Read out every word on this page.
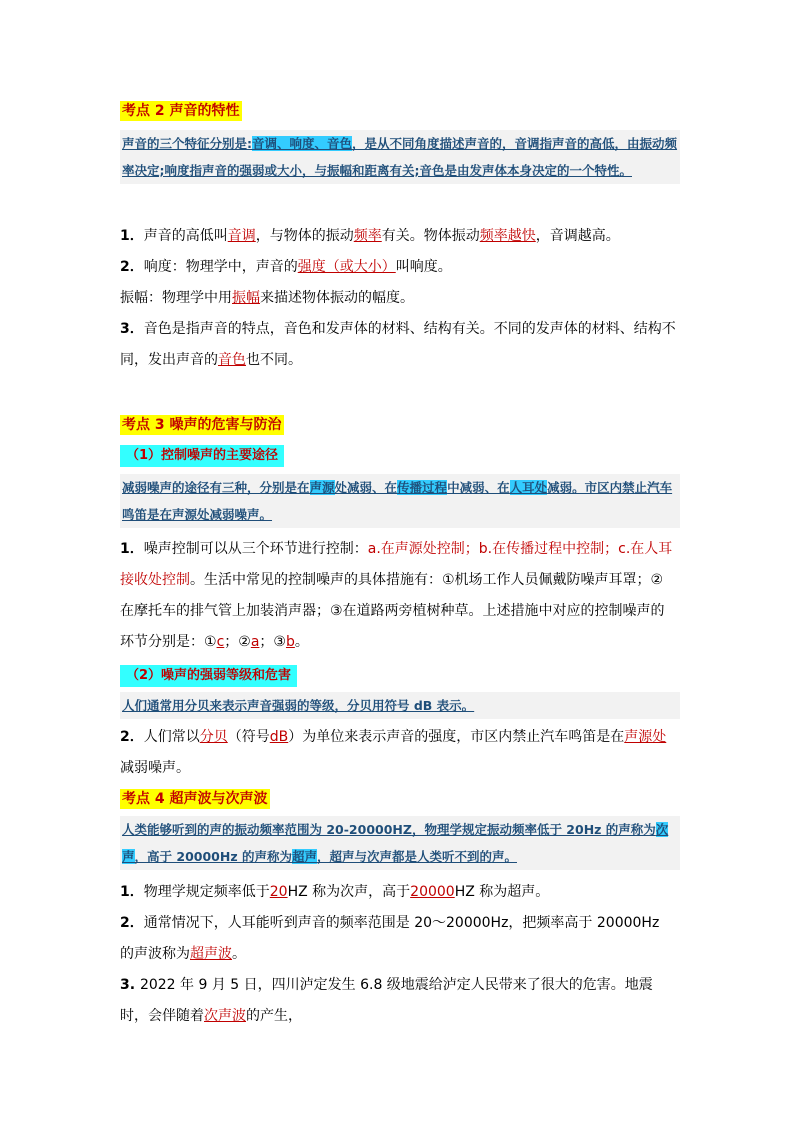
考点 2 声音的特性
声音的三个特征分别是:音调、响度、音色，是从不同角度描述声音的，音调指声音的高低，由振动频率决定;响度指声音的强弱或大小，与振幅和距离有关;音色是由发声体本身决定的一个特性。
1．声音的高低叫音调，与物体的振动频率有关。物体振动频率越快，音调越高。
2．响度：物理学中，声音的强度（或大小）叫响度。
振幅：物理学中用振幅来描述物体振动的幅度。
3．音色是指声音的特点，音色和发声体的材料、结构有关。不同的发声体的材料、结构不同，发出声音的音色也不同。
考点 3 噪声的危害与防治
（1）控制噪声的主要途径
减弱噪声的途径有三种，分别是在声源处减弱、在传播过程中减弱、在人耳处减弱。市区内禁止汽车鸣笛是在声源处减弱噪声。
1．噪声控制可以从三个环节进行控制：a.在声源处控制；b.在传播过程中控制；c.在人耳接收处控制。生活中常见的控制噪声的具体措施有：①机场工作人员佩戴防噪声耳罩；②在摩托车的排气管上加装消声器；③在道路两旁植树种草。上述措施中对应的控制噪声的环节分别是：①c；②a；③b。
（2）噪声的强弱等级和危害
人们通常用分贝来表示声音强弱的等级，分贝用符号 dB 表示。
2．人们常以分贝（符号dB）为单位来表示声音的强度，市区内禁止汽车鸣笛是在声源处减弱噪声。
考点 4 超声波与次声波
人类能够听到的声的振动频率范围为 20-20000HZ，物理学规定振动频率低于 20Hz 的声称为次声，高于 20000Hz 的声称为超声，超声与次声都是人类听不到的声。
1．物理学规定频率低于20HZ 称为次声，高于20000HZ 称为超声。
2．通常情况下，人耳能听到声音的频率范围是 20～20000Hz，把频率高于 20000Hz 的声波称为超声波。
3. 2022 年 9 月 5 日，四川泸定发生 6.8 级地震给泸定人民带来了很大的危害。地震时，会伴随着次声波的产生，
